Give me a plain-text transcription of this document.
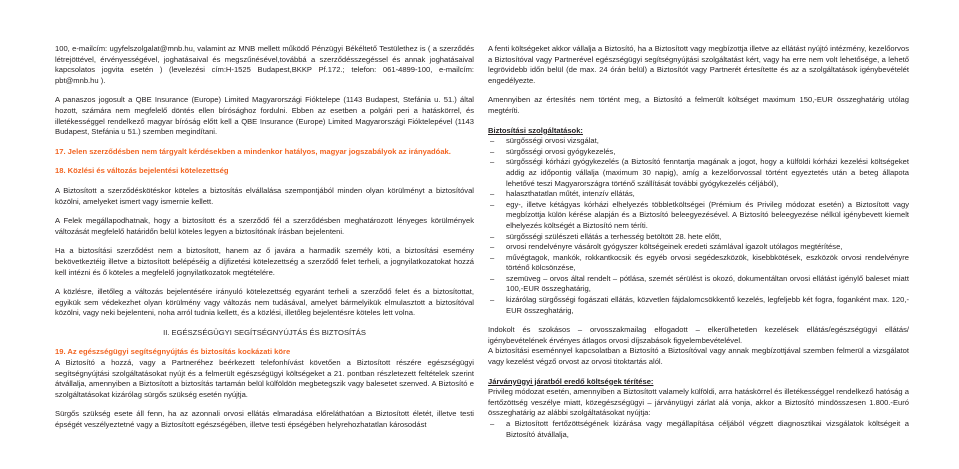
100, e-mailcím: ugyfelszolgalat@mnb.hu, valamint az MNB mellett működő Pénzügyi Békéltető Testülethez is ( a szerződés létrejöttével, érvényességével, joghatásaival és megszűnésével,továbbá a szerződésszegéssel és annak joghatásaival kapcsolatos jogvita esetén ) (levelezési cím:H-1525 Budapest,BKKP Pf.172.; telefon: 061-4899-100, e-mailcím: pbt@mnb.hu ).

A panaszos jogosult a QBE Insurance (Europe) Limited Magyarországi Fióktelepe (1143 Budapest, Stefánia u. 51.) által hozott, számára nem megfelelő döntés ellen bírósághoz fordulni. Ebben az esetben a polgári peri a hatáskörrel, és illetékességgel rendelkező magyar bíróság előtt kell a QBE Insurance (Europe) Limited Magyarországi Fióktelepével (1143 Budapest, Stefánia u 51.) szemben megindítani.

17. Jelen szerződésben nem tárgyalt kérdésekben a mindenkor hatályos, magyar jogszabályok az irányadóak.

18. Közlési és változás bejelentési kötelezettség

A Biztosított a szerződéskötéskor köteles a biztosítás elvállalása szempontjából minden olyan körülményt a biztosítóval közölni, amelyeket ismert vagy ismernie kellett.

A Felek megállapodhatnak, hogy a biztosított és a szerződő fél a szerződésben meghatározott lényeges körülmények változását megfelelő határidőn belül köteles legyen a biztosítónak írásban bejelenteni.

Ha a biztosítási szerződést nem a biztosított, hanem az ő javára a harmadik személy köti, a biztosítási esemény bekövetkeztéig illetve a biztosított belépéséig a díjfizetési kötelezettség a szerződő felet terheli, a jognyilatkozatokat hozzá kell intézni és ő köteles a megfelelő jognyilatkozatok megtételére.

A közlésre, illetőleg a változás bejelentésére irányuló kötelezettség egyaránt terheli a szerződő felet és a biztosítottat, egyikük sem védekezhet olyan körülmény vagy változás nem tudásával, amelyet bármelyikük elmulasztott a biztosítóval közölni, vagy neki bejelenteni, noha arról tudnia kellett, és a közlési, illetőleg bejelentésre köteles lett volna.

II. EGÉSZSÉGÜGYI SEGÍTSÉGNYÚJTÁS ÉS BIZTOSÍTÁS

19. Az egészségügyi segítségnyújtás és biztosítás kockázati köre

A Biztosító a hozzá, vagy a Partneréhez beérkezett telefonhívást követően a Biztosított részére egészségügyi segítségnyújtási szolgáltatásokat nyújt és a felmerült egészségügyi költségeket a 21. pontban részletezett feltételek szerint átvállalja, amennyiben a Biztosított a biztosítás tartamán belül külföldön megbetegszik vagy balesetet szenved. A Biztosító e szolgáltatásokat kizárólag sürgős szükség esetén nyújtja.

Sürgős szükség esete áll fenn, ha az azonnali orvosi ellátás elmaradása előreláthatóan a Biztosított életét, illetve testi épségét veszélyeztetné vagy a Biztosított egészségében, illetve testi épségében helyrehozhatatlan károsodást

A fenti költségeket akkor vállalja a Biztosító, ha a Biztosított vagy megbízottja illetve az ellátást nyújtó intézmény, kezelőorvos a Biztosítóval vagy Partnerével egészségügyi segítségnyújtási szolgáltatást kért, vagy ha erre nem volt lehetősége, a lehető legrövidebb időn belül (de max. 24 órán belül) a Biztosítót vagy Partnerét értesítette és az a szolgáltatások igénybevételét engedélyezte.

Amennyiben az értesítés nem történt meg, a Biztosító a felmerült költséget maximum 150,-EUR összeghatárig utólag megtéríti.

Biztosítási szolgáltatások:
– sürgősségi orvosi vizsgálat,
– sürgősségi orvosi gyógykezelés,
– sürgősségi kórházi gyógykezelés (a Biztosító fenntartja magának a jogot, hogy a külföldi kórházi kezelési költségeket addig az időpontig vállalja (maximum 30 napig), amíg a kezelőorvossal történt egyeztetés után a beteg állapota lehetővé teszi Magyarországra történő szállítását további gyógykezelés céljából),
– halaszthatatlan műtét, intenzív ellátás,
– egy-, illetve kétágyas kórházi elhelyezés többletköltségei (Prémium és Privileg módozat esetén) a Biztosított vagy megbízottja külön kérése alapján és a Biztosító beleegyezésével. A Biztosító beleegyezése nélkül igénybevett kiemelt elhelyezés költségét a Biztosító nem téríti.
– sürgősségi szülészeti ellátás a terhesség betöltött 28. hete előtt,
– orvosi rendelvényre vásárolt gyógyszer költségeinek eredeti számlával igazolt utólagos megtérítése,
– művégtagok, mankók, rokkantkocsik és egyéb orvosi segédeszközök, kisebbkötések, eszközök orvosi rendelvényre történő kölcsönzése,
– szemüveg – orvos által rendelt – pótlása, szemét sérülést is okozó, dokumentáltan orvosi ellátást igénylő baleset miatt 100,-EUR összeghatárig,
– kizárólag sürgősségi fogászati ellátás, közvetlen fájdalomcsökkentő kezelés, legfeljebb két fogra, foganként max. 120,-EUR összeghatárig,

Indokolt és szokásos – orvosszakmailag elfogadott – elkerülhetetlen kezelések ellátás/egészségügyi ellátás/ igénybevételének érvényes átlagos orvosi díjszabások figyelembevételével.

A biztosítási eseménnyel kapcsolatban a Biztosító a Biztosítóval vagy annak megbízottjával szemben felmerül a vizsgálatot vagy kezelést végző orvost az orvosi titoktartás alól.

Járványügyi járatból eredő költségek térítése:

Privileg módozat esetén, amennyiben a Biztosított valamely külföldi, arra hatáskörrel és illetékességgel rendelkező hatóság a fertőzöttség veszélye miatt, közegészségügyi – járványügyi zárlat alá vonja, akkor a Biztosító mindösszesen 1.800.-Euró összeghatárig az alábbi szolgáltatásokat nyújtja:

– a Biztosított fertőzöttségének kizárása vagy megállapítása céljából végzett diagnosztikai vizsgálatok költségeit a Biztosító átvállalja,
